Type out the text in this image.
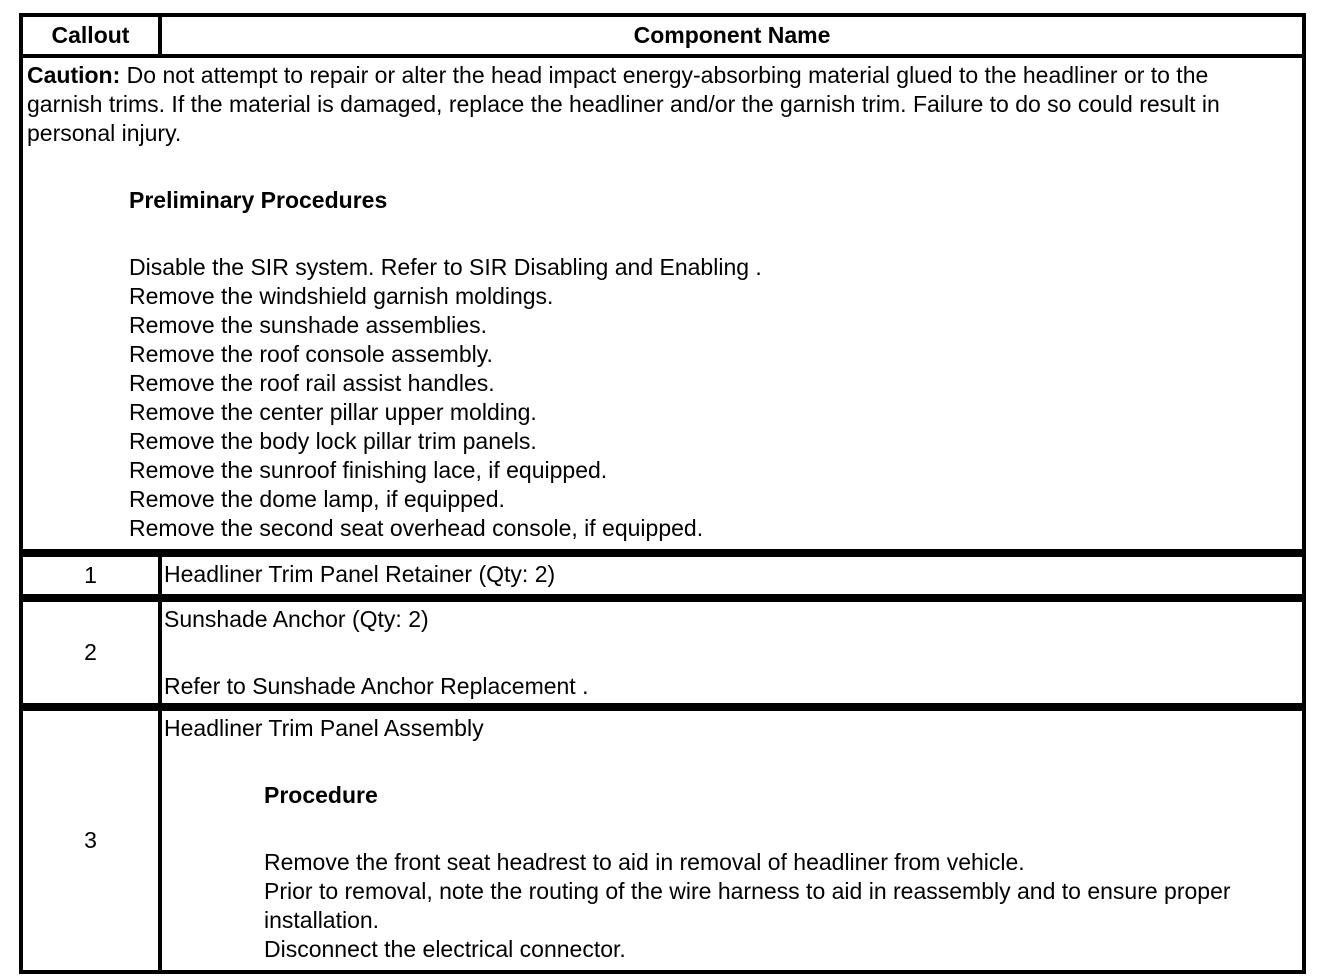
Callout	Component Name
Caution: Do not attempt to repair or alter the head impact energy-absorbing material glued to the headliner or to the garnish trims. If the material is damaged, replace the headliner and/or the garnish trim. Failure to do so could result in personal injury.
Preliminary Procedures
Disable the SIR system. Refer to SIR Disabling and Enabling .
Remove the windshield garnish moldings.
Remove the sunshade assemblies.
Remove the roof console assembly.
Remove the roof rail assist handles.
Remove the center pillar upper molding.
Remove the body lock pillar trim panels.
Remove the sunroof finishing lace, if equipped.
Remove the dome lamp, if equipped.
Remove the second seat overhead console, if equipped.
1	Headliner Trim Panel Retainer (Qty: 2)
2
Sunshade Anchor (Qty: 2)
Refer to Sunshade Anchor Replacement .
3
Headliner Trim Panel Assembly
Procedure
Remove the front seat headrest to aid in removal of headliner from vehicle.
Prior to removal, note the routing of the wire harness to aid in reassembly and to ensure proper installation.
Disconnect the electrical connector.
